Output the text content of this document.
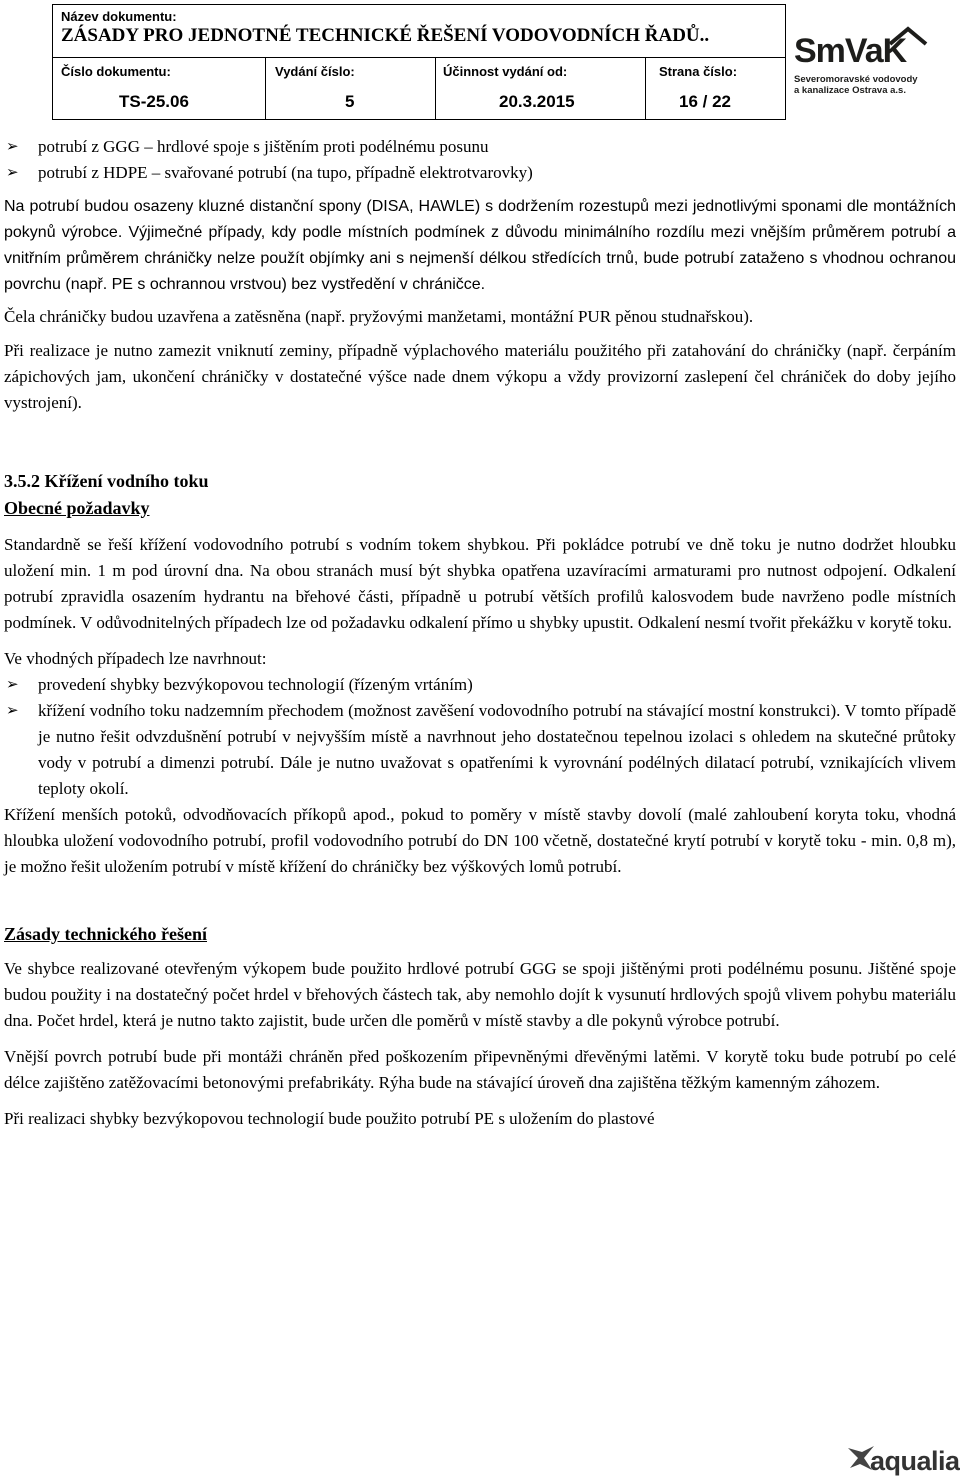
Název dokumentu:
ZÁSADY PRO JEDNOTNÉ TECHNICKÉ ŘEŠENÍ VODOVODNÍCH ŘADŮ..
Číslo dokumentu:
TS-25.06
Vydání číslo:
5
Účinnost vydání od:
20.3.2015
Strana číslo:
16 / 22
SmVaK
Severomoravské vodovody
a kanalizace Ostrava a.s.
➢ potrubí z GGG – hrdlové spoje s jištěním proti podélnému posunu
➢ potrubí z HDPE – svařované potrubí (na tupo, případně elektrotvarovky)

Na potrubí budou osazeny kluzné distanční spony (DISA, HAWLE) s dodržením rozestupů mezi jednotlivými sponami dle montážních pokynů výrobce. Výjimečné případy, kdy podle místních podmínek z důvodu minimálního rozdílu mezi vnějším průměrem potrubí a vnitřním průměrem chráničky nelze použít objímky ani s nejmenší délkou středících trnů, bude potrubí zataženo s vhodnou ochranou povrchu (např. PE s ochrannou vrstvou) bez vystředění v chráničce.

Čela chráničky budou uzavřena a zatěsněna (např. pryžovými manžetami, montážní PUR pěnou studnařskou).

Při realizace je nutno zamezit vniknutí zeminy, případně výplachového materiálu použitého při zatahování do chráničky (např. čerpáním zápichových jam, ukončení chráničky v dostatečné výšce nade dnem výkopu a vždy provizorní zaslepení čel chrániček do doby jejího vystrojení).

3.5.2 Křížení vodního toku
Obecné požadavky

Standardně se řeší křížení vodovodního potrubí s vodním tokem shybkou. Při pokládce potrubí ve dně toku je nutno dodržet hloubku uložení min. 1 m pod úrovní dna. Na obou stranách musí být shybka opatřena uzavíracími armaturami pro nutnost odpojení. Odkalení potrubí zpravidla osazením hydrantu na břehové části, případně u potrubí větších profilů kalosvodem bude navrženo podle místních podmínek. V odůvodnitelných případech lze od požadavku odkalení přímo u shybky upustit. Odkalení nesmí tvořit překážku v korytě toku.

Ve vhodných případech lze navrhnout:

➢ provedení shybky bezvýkopovou technologií (řízeným vrtáním)
➢ křížení vodního toku nadzemním přechodem (možnost zavěšení vodovodního potrubí na stávající mostní konstrukci). V tomto případě je nutno řešit odvzdušnění potrubí v nejvyšším místě a navrhnout jeho dostatečnou tepelnou izolaci s ohledem na skutečné průtoky vody v potrubí a dimenzi potrubí. Dále je nutno uvažovat s opatřeními k vyrovnání podélných dilatací potrubí, vznikajících vlivem teploty okolí.

Křížení menších potoků, odvodňovacích příkopů apod., pokud to poměry v místě stavby dovolí (malé zahloubení koryta toku, vhodná hloubka uložení vodovodního potrubí, profil vodovodního potrubí do DN 100 včetně, dostatečné krytí potrubí v korytě toku - min. 0,8 m), je možno řešit uložením potrubí v místě křížení do chráničky bez výškových lomů potrubí.

Zásady technického řešení

Ve shybce realizované otevřeným výkopem bude použito hrdlové potrubí GGG se spoji jištěnými proti podélnému posunu. Jištěné spoje budou použity i na dostatečný počet hrdel v břehových částech tak, aby nemohlo dojít k vysunutí hrdlových spojů vlivem pohybu materiálu dna. Počet hrdel, která je nutno takto zajistit, bude určen dle poměrů v místě stavby a dle pokynů výrobce potrubí.

Vnější povrch potrubí bude při montáži chráněn před poškozením připevněnými dřevěnými latěmi. V korytě toku bude potrubí po celé délce zajištěno zatěžovacími betonovými prefabrikáty. Rýha bude na stávající úroveň dna zajištěna těžkým kamenným záhozem.

Při realizaci shybky bezvýkopovou technologií bude použito potrubí PE s uložením do plastové

aqualia
